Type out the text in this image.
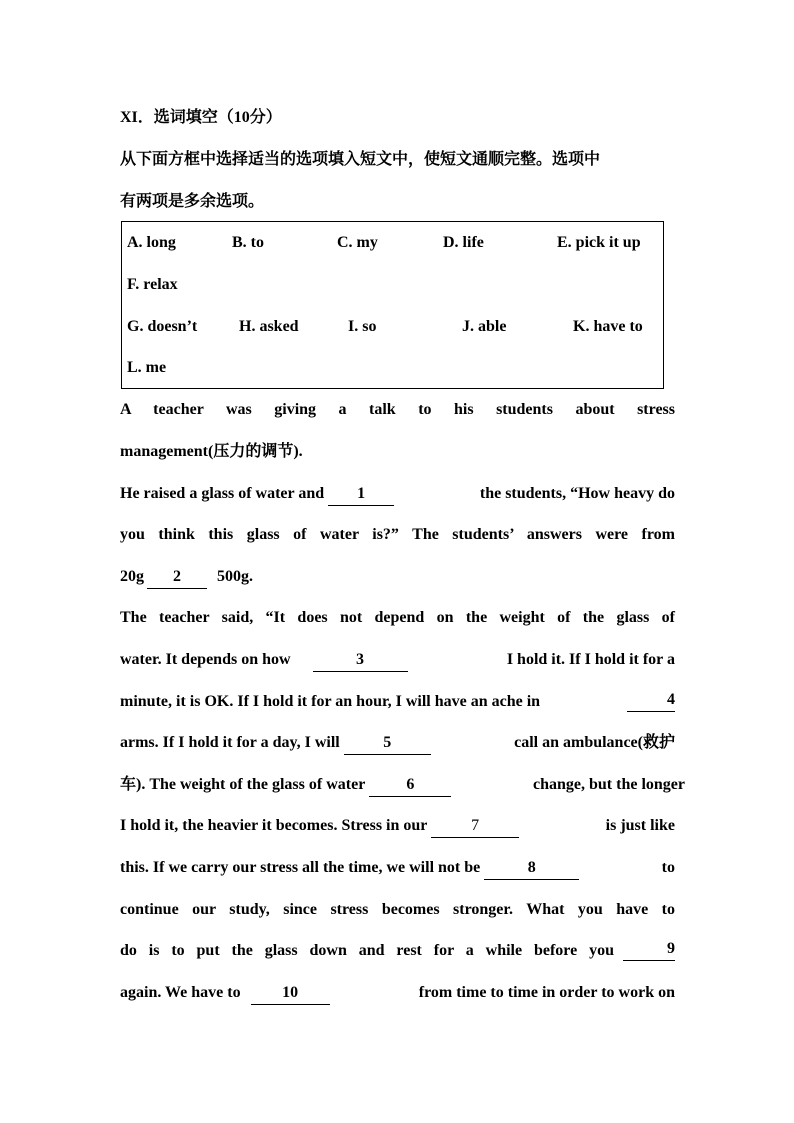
XI．选词填空（10分）
从下面方框中选择适当的选项填入短文中，使短文通顺完整。选项中
有两项是多余选项。
A. long	B. to	C. my	D. life	E. pick it up
F. relax
G. doesn’t	H. asked	I. so	J. able	K. have to
L. me
A teacher was giving a talk to his students about stress
management(压力的调节).
He raised a glass of water and 1	the students, “How heavy do
you think this glass of water is?” The students’ answers were from
20g 2 500g.
The teacher said, “It does not depend on the weight of the glass of
water. It depends on how	3	I hold it. If I hold it for a
minute, it is OK. If I hold it for an hour, I will have an ache in	4
arms. If I hold it for a day, I will	5	call an ambulance(救护
车). The weight of the glass of water	6	change, but the longer
I hold it, the heavier it becomes. Stress in our	7	is just like
this. If we carry our stress all the time, we will not be	8	to
continue our study, since stress becomes stronger. What you have to
do is to put the glass down and rest for a while before you	9
again. We have to	10	from time to time in order to work on
